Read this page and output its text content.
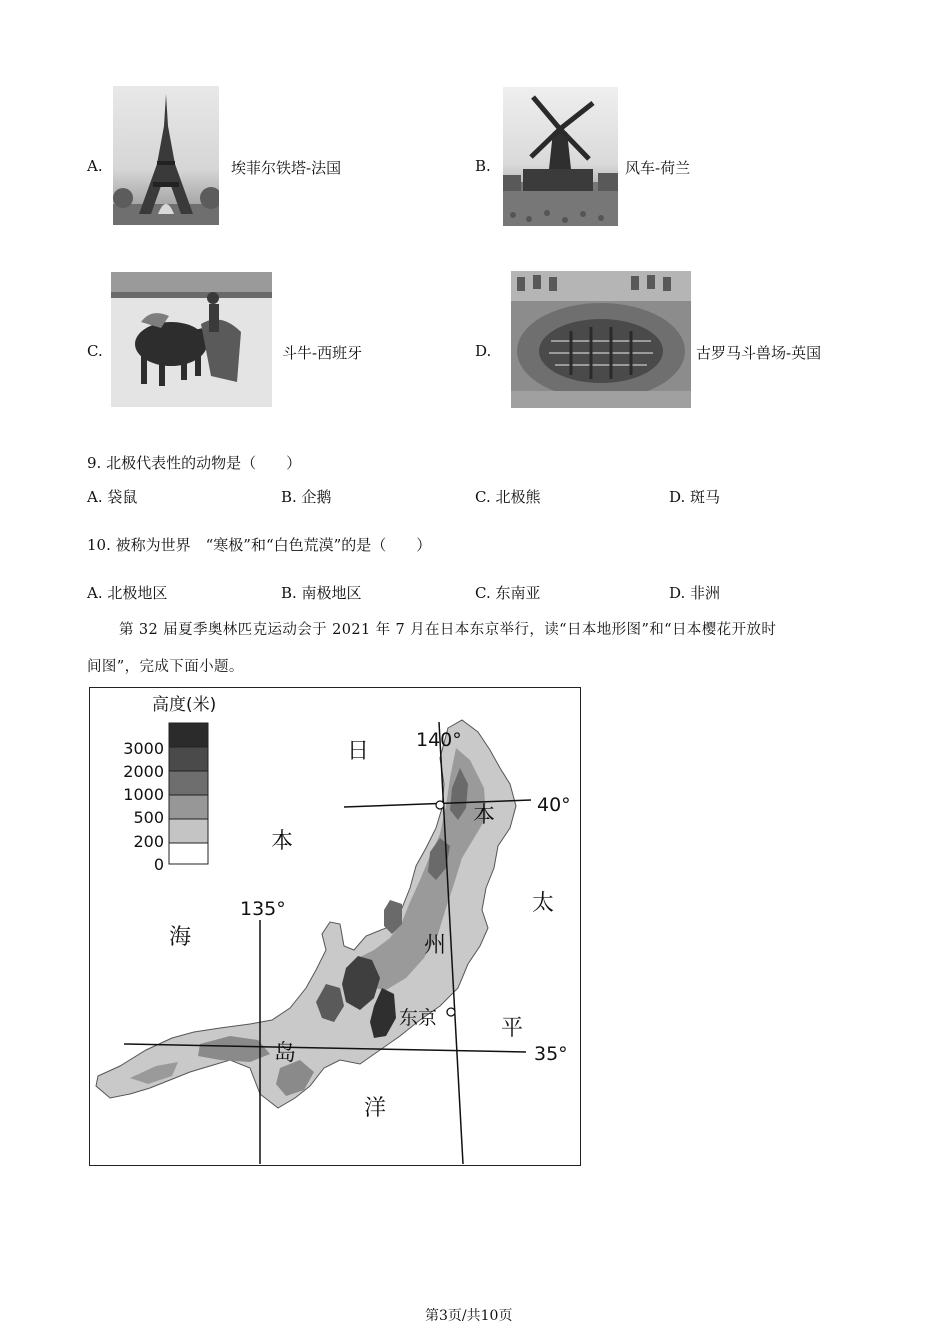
A.	埃菲尔铁塔-法国	B.	风车-荷兰
C.	斗牛-西班牙	D.	古罗马斗兽场-英国
9. 北极代表性的动物是（　　）
A. 袋鼠	B. 企鹅	C. 北极熊	D. 斑马
10. 被称为世界　“寒极”和“白色荒漠”的是（　　）
A. 北极地区	B. 南极地区	C. 东南亚	D. 非洲
第 32 届夏季奥林匹克运动会于 2021 年 7 月在日本东京举行，读“日本地形图”和“日本樱花开放时
间图”，完成下面小题。
高度(米)
3000
2000
1000
500
200
0
140°
135°
40°
35°
日
本
海
太
平
洋
本
州
岛
东京
第3页/共10页
